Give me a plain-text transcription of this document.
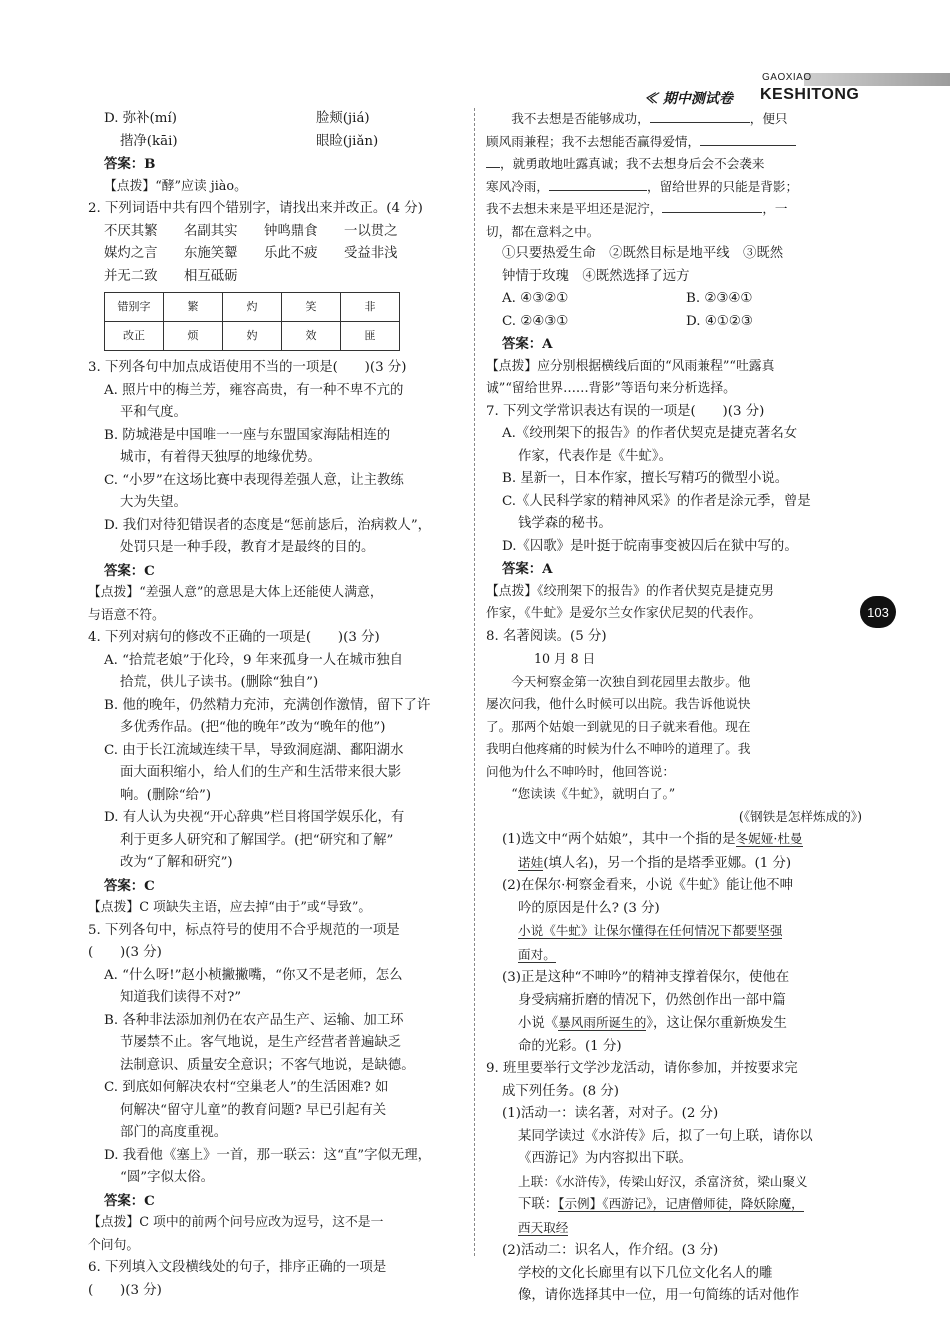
GAOXIAO
≪ 期中测试卷 KESHITONG
103
D. 弥补(mí)	脸颊(jiá)
揩净(kāi)	眼睑(jiǎn)
答案：B
【点拨】“酵”应读 jiào。
2. 下列词语中共有四个错别字，请找出来并改正。(4 分)
不厌其繁 名副其实 钟鸣鼎食 一以贯之
媒灼之言 东施笑颦 乐此不疲 受益非浅
并无二致 相互砥砺
错别字	繁	灼	笑	非
改正	烦	妁	效	匪
3. 下列各句中加点成语使用不当的一项是(　　)(3 分)
A. 照片中的梅兰芳，雍容高贵，有一种不卑不亢的
平和气度。
B. 防城港是中国唯一一座与东盟国家海陆相连的
城市，有着得天独厚的地缘优势。
C. “小罗”在这场比赛中表现得差强人意，让主教练
大为失望。
D. 我们对待犯错误者的态度是“惩前毖后，治病救人”，
处罚只是一种手段，教育才是最终的目的。
答案：C
【点拨】“差强人意”的意思是大体上还能使人满意，
与语意不符。
4. 下列对病句的修改不正确的一项是(　　)(3 分)
A. “拾荒老娘”于化玲，9 年来孤身一人在城市独自
拾荒，供儿子读书。(删除“独自”)
B. 他的晚年，仍然精力充沛，充满创作激情，留下了许
多优秀作品。(把“他的晚年”改为“晚年的他”)
C. 由于长江流域连续干旱，导致洞庭湖、鄱阳湖水
面大面积缩小，给人们的生产和生活带来很大影
响。(删除“给”)
D. 有人认为央视“开心辞典”栏目将国学娱乐化，有
利于更多人研究和了解国学。(把“研究和了解”
改为“了解和研究”)
答案：C
【点拨】C 项缺失主语，应去掉“由于”或“导致”。
5. 下列各句中，标点符号的使用不合乎规范的一项是
(　　)(3 分)
A. “什么呀!”赵小桢撇撇嘴，“你又不是老师，怎么
知道我们读得不对?”
B. 各种非法添加剂仍在农产品生产、运输、加工环
节屡禁不止。客气地说，是生产经营者普遍缺乏
法制意识、质量安全意识；不客气地说，是缺德。
C. 到底如何解决农村“空巢老人”的生活困难? 如
何解决“留守儿童”的教育问题? 早已引起有关
部门的高度重视。
D. 我看他《塞上》一首，那一联云：这“直”字似无理，
“圆”字似太俗。
答案：C
【点拨】C 项中的前两个问号应改为逗号，这不是一
个问句。
6. 下列填入文段横线处的句子，排序正确的一项是
(　　)(3 分)
我不去想是否能够成功，	，便只
顾风雨兼程；我不去想能否赢得爱情，
，就勇敢地吐露真诚；我不去想身后会不会袭来
寒风冷雨，	，留给世界的只能是背影；
我不去想未来是平坦还是泥泞，	，一
切，都在意料之中。
①只要热爱生命　②既然目标是地平线　③既然
钟情于玫瑰　④既然选择了远方
A. ④③②①	B. ②③④①
C. ②④③①	D. ④①②③
答案：A
【点拨】应分别根据横线后面的“风雨兼程”“吐露真
诚”“留给世界……背影”等语句来分析选择。
7. 下列文学常识表达有误的一项是(　　)(3 分)
A.《绞刑架下的报告》的作者伏契克是捷克著名女
作家，代表作是《牛虻》。
B. 星新一，日本作家，擅长写精巧的微型小说。
C.《人民科学家的精神风采》的作者是涂元季，曾是
钱学森的秘书。
D.《囚歌》是叶挺于皖南事变被囚后在狱中写的。
答案：A
【点拨】《绞刑架下的报告》的作者伏契克是捷克男
作家，《牛虻》是爱尔兰女作家伏尼契的代表作。
8. 名著阅读。(5 分)
10 月 8 日
今天柯察金第一次独自到花园里去散步。他
屡次问我，他什么时候可以出院。我告诉他说快
了。那两个姑娘一到就见的日子就来看他。现在
我明白他疼痛的时候为什么不呻吟的道理了。我
问他为什么不呻吟时，他回答说：
“您读读《牛虻》，就明白了。”
(《钢铁是怎样炼成的》)
(1)选文中“两个姑娘”，其中一个指的是冬妮娅·杜曼
诺娃(填人名)，另一个指的是塔季亚娜。(1 分)
(2)在保尔·柯察金看来，小说《牛虻》能让他不呻
吟的原因是什么? (3 分)
小说《牛虻》让保尔懂得在任何情况下都要坚强
面对。
(3)正是这种“不呻吟”的精神支撑着保尔，使他在
身受病痛折磨的情况下，仍然创作出一部中篇
小说《暴风雨所诞生的》，这让保尔重新焕发生
命的光彩。(1 分)
9. 班里要举行文学沙龙活动，请你参加，并按要求完
成下列任务。(8 分)
(1)活动一：读名著，对对子。(2 分)
某同学读过《水浒传》后，拟了一句上联，请你以
《西游记》为内容拟出下联。
上联：《水浒传》，传梁山好汉，杀富济贫，梁山聚义
下联：【示例】《西游记》，记唐僧师徒，降妖除魔，
西天取经
(2)活动二：识名人，作介绍。(3 分)
学校的文化长廊里有以下几位文化名人的雕
像，请你选择其中一位，用一句简练的话对他作
